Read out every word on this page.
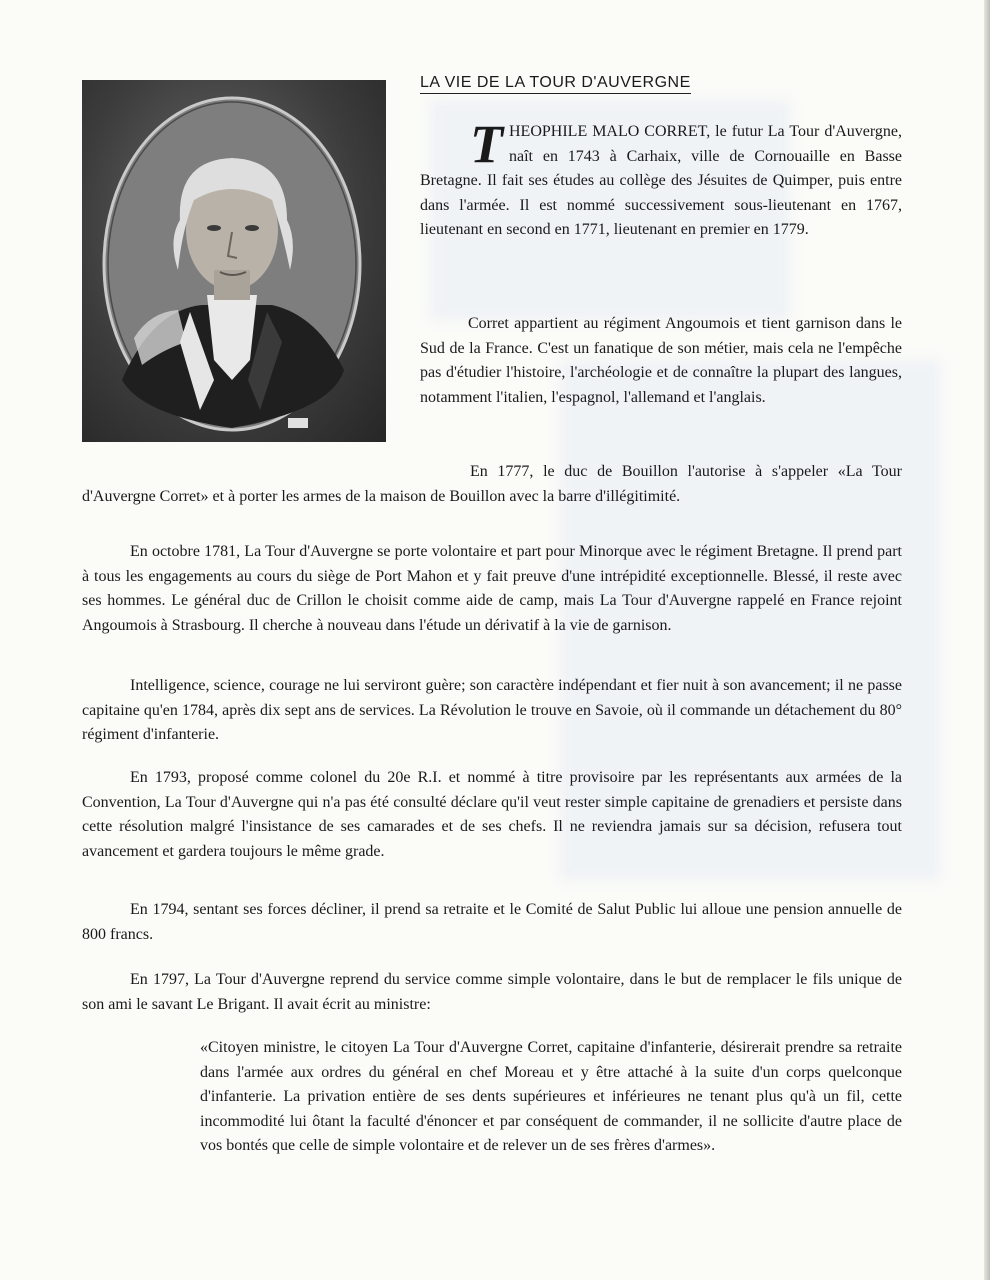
LA VIE DE LA TOUR D'AUVERGNE

THEOPHILE MALO CORRET, le futur La Tour d'Auvergne, naît en 1743 à Carhaix, ville de Cornouaille en Basse Bretagne. Il fait ses études au collège des Jésuites de Quimper, puis entre dans l'armée. Il est nommé successivement sous-lieutenant en 1767, lieutenant en second en 1771, lieutenant en premier en 1779.

Corret appartient au régiment Angoumois et tient garnison dans le Sud de la France. C'est un fanatique de son métier, mais cela ne l'empêche pas d'étudier l'histoire, l'archéologie et de connaître la plupart des langues, notamment l'italien, l'espagnol, l'allemand et l'anglais.

En 1777, le duc de Bouillon l'autorise à s'appeler «La Tour d'Auvergne Corret» et à porter les armes de la maison de Bouillon avec la barre d'illégitimité.

En octobre 1781, La Tour d'Auvergne se porte volontaire et part pour Minorque avec le régiment Bretagne. Il prend part à tous les engagements au cours du siège de Port Mahon et y fait preuve d'une intrépidité exceptionnelle. Blessé, il reste avec ses hommes. Le général duc de Crillon le choisit comme aide de camp, mais La Tour d'Auvergne rappelé en France rejoint Angoumois à Strasbourg. Il cherche à nouveau dans l'étude un dérivatif à la vie de garnison.

Intelligence, science, courage ne lui serviront guère; son caractère indépendant et fier nuit à son avancement; il ne passe capitaine qu'en 1784, après dix sept ans de services. La Révolution le trouve en Savoie, où il commande un détachement du 80° régiment d'infanterie.

En 1793, proposé comme colonel du 20e R.I. et nommé à titre provisoire par les représentants aux armées de la Convention, La Tour d'Auvergne qui n'a pas été consulté déclare qu'il veut rester simple capitaine de grenadiers et persiste dans cette résolution malgré l'insistance de ses camarades et de ses chefs. Il ne reviendra jamais sur sa décision, refusera tout avancement et gardera toujours le même grade.

En 1794, sentant ses forces décliner, il prend sa retraite et le Comité de Salut Public lui alloue une pension annuelle de 800 francs.

En 1797, La Tour d'Auvergne reprend du service comme simple volontaire, dans le but de remplacer le fils unique de son ami le savant Le Brigant. Il avait écrit au ministre:

«Citoyen ministre, le citoyen La Tour d'Auvergne Corret, capitaine d'infanterie, désirerait prendre sa retraite dans l'armée aux ordres du général en chef Moreau et y être attaché à la suite d'un corps quelconque d'infanterie. La privation entière de ses dents supérieures et inférieures ne tenant plus qu'à un fil, cette incommodité lui ôtant la faculté d'énoncer et par conséquent de commander, il ne sollicite d'autre place de vos bontés que celle de simple volontaire et de relever un de ses frères d'armes».
